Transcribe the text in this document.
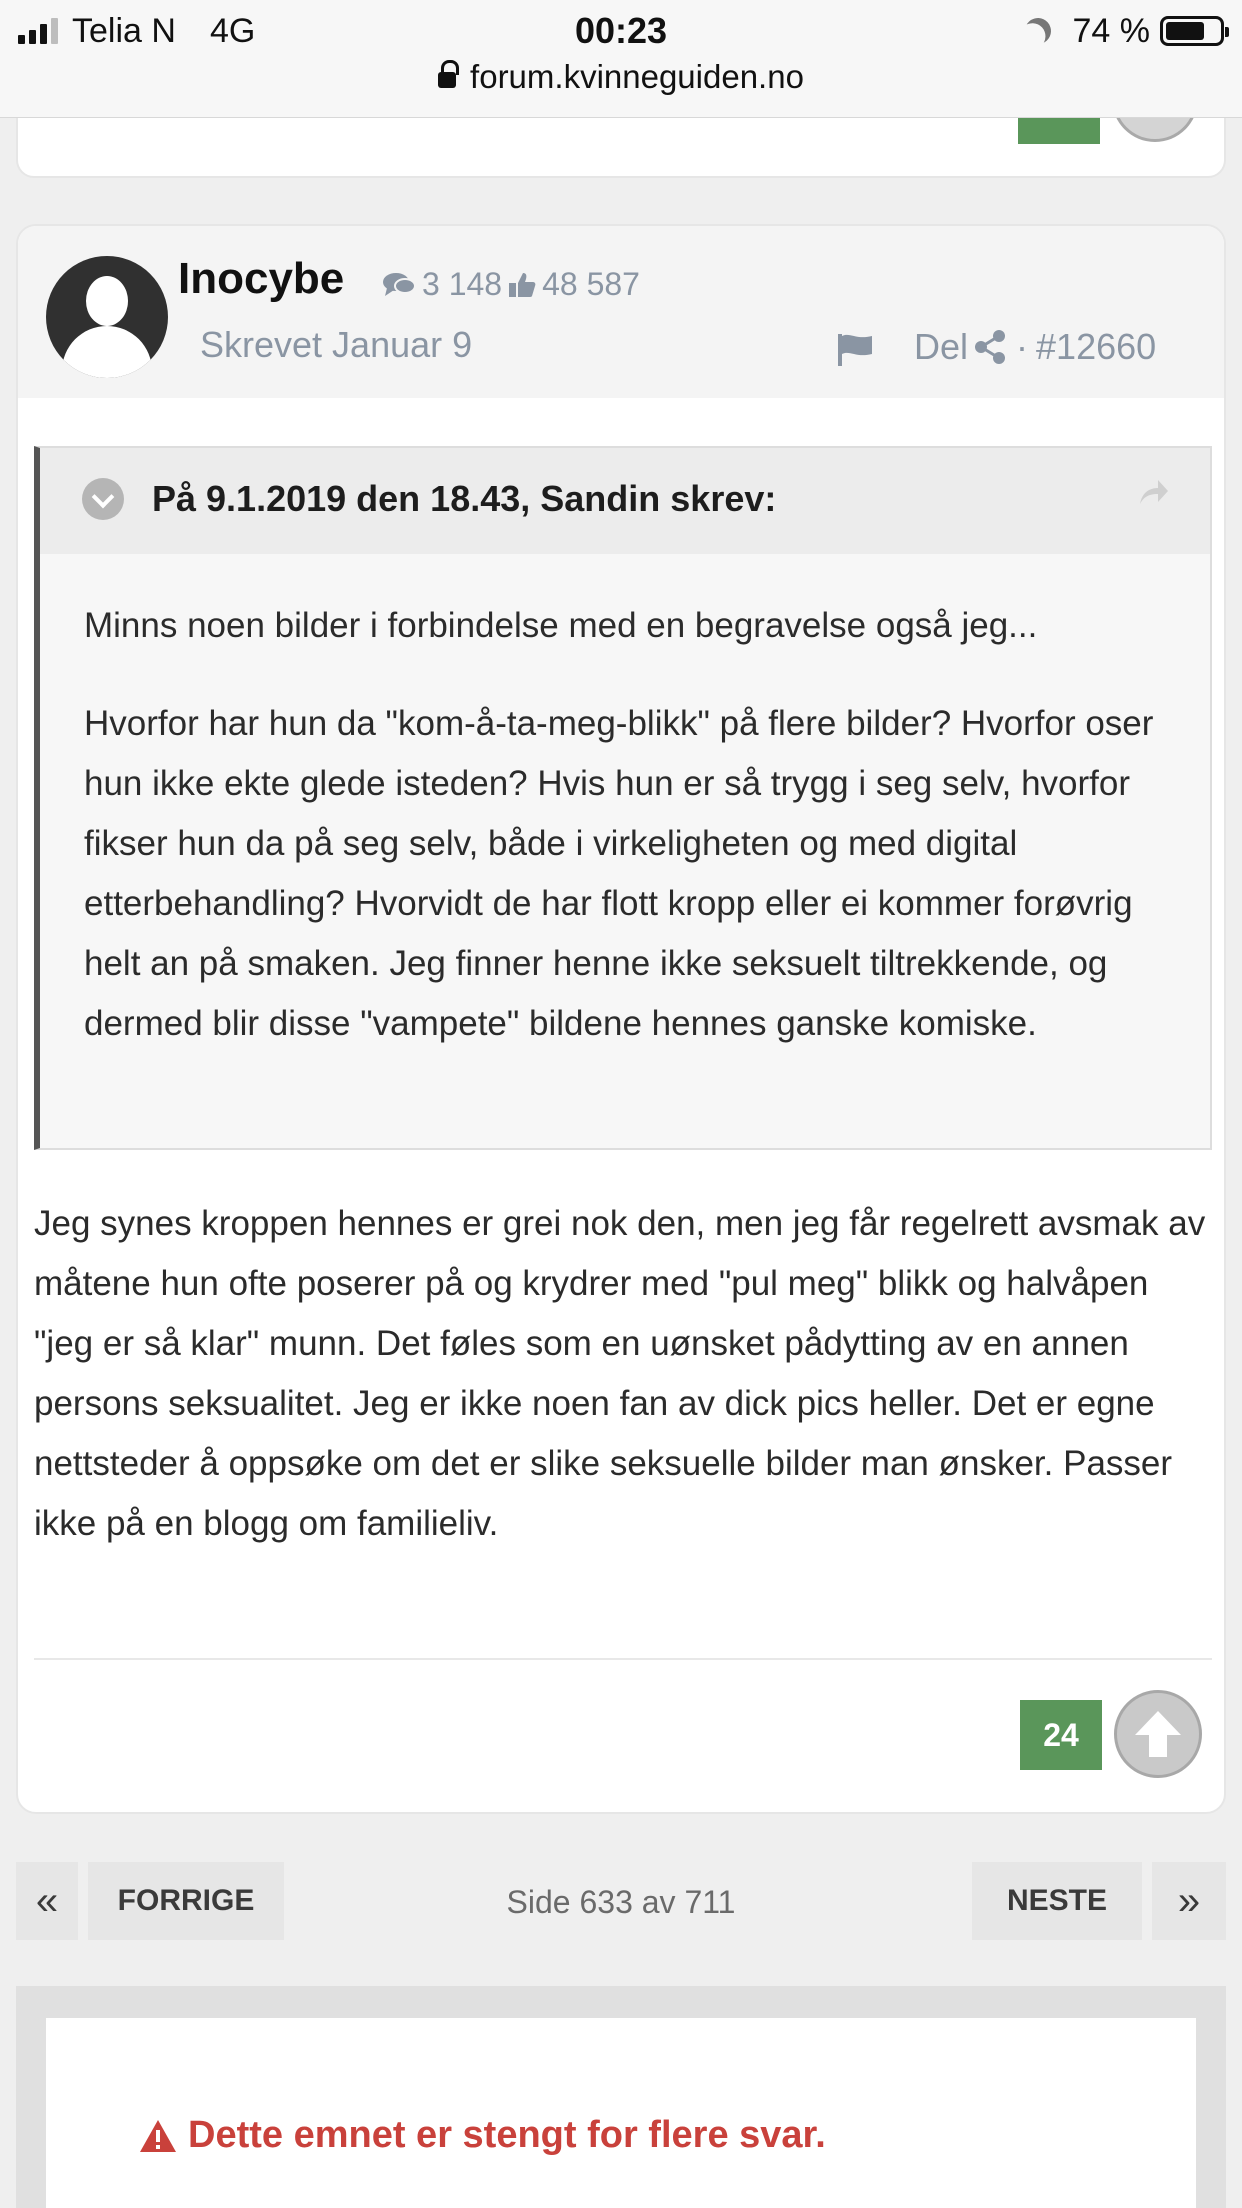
Telia N 4G	00:23	74 %
forum.kvinneguiden.no
Inocybe 3 148 48 587
Skrevet Januar 9	Del · #12660
På 9.1.2019 den 18.43, Sandin skrev:

Minns noen bilder i forbindelse med en begravelse også jeg...

Hvorfor har hun da "kom-å-ta-meg-blikk" på flere bilder? Hvorfor oser hun ikke ekte glede isteden? Hvis hun er så trygg i seg selv, hvorfor fikser hun da på seg selv, både i virkeligheten og med digital etterbehandling? Hvorvidt de har flott kropp eller ei kommer forøvrig helt an på smaken. Jeg finner henne ikke seksuelt tiltrekkende, og dermed blir disse "vampete" bildene hennes ganske komiske.

Jeg synes kroppen hennes er grei nok den, men jeg får regelrett avsmak av måtene hun ofte poserer på og krydrer med "pul meg" blikk og halvåpen "jeg er så klar" munn. Det føles som en uønsket pådytting av en annen persons seksualitet. Jeg er ikke noen fan av dick pics heller. Det er egne nettsteder å oppsøke om det er slike seksuelle bilder man ønsker. Passer ikke på en blogg om familieliv.
24
«	FORRIGE	Side 633 av 711	NESTE	»
Dette emnet er stengt for flere svar.
